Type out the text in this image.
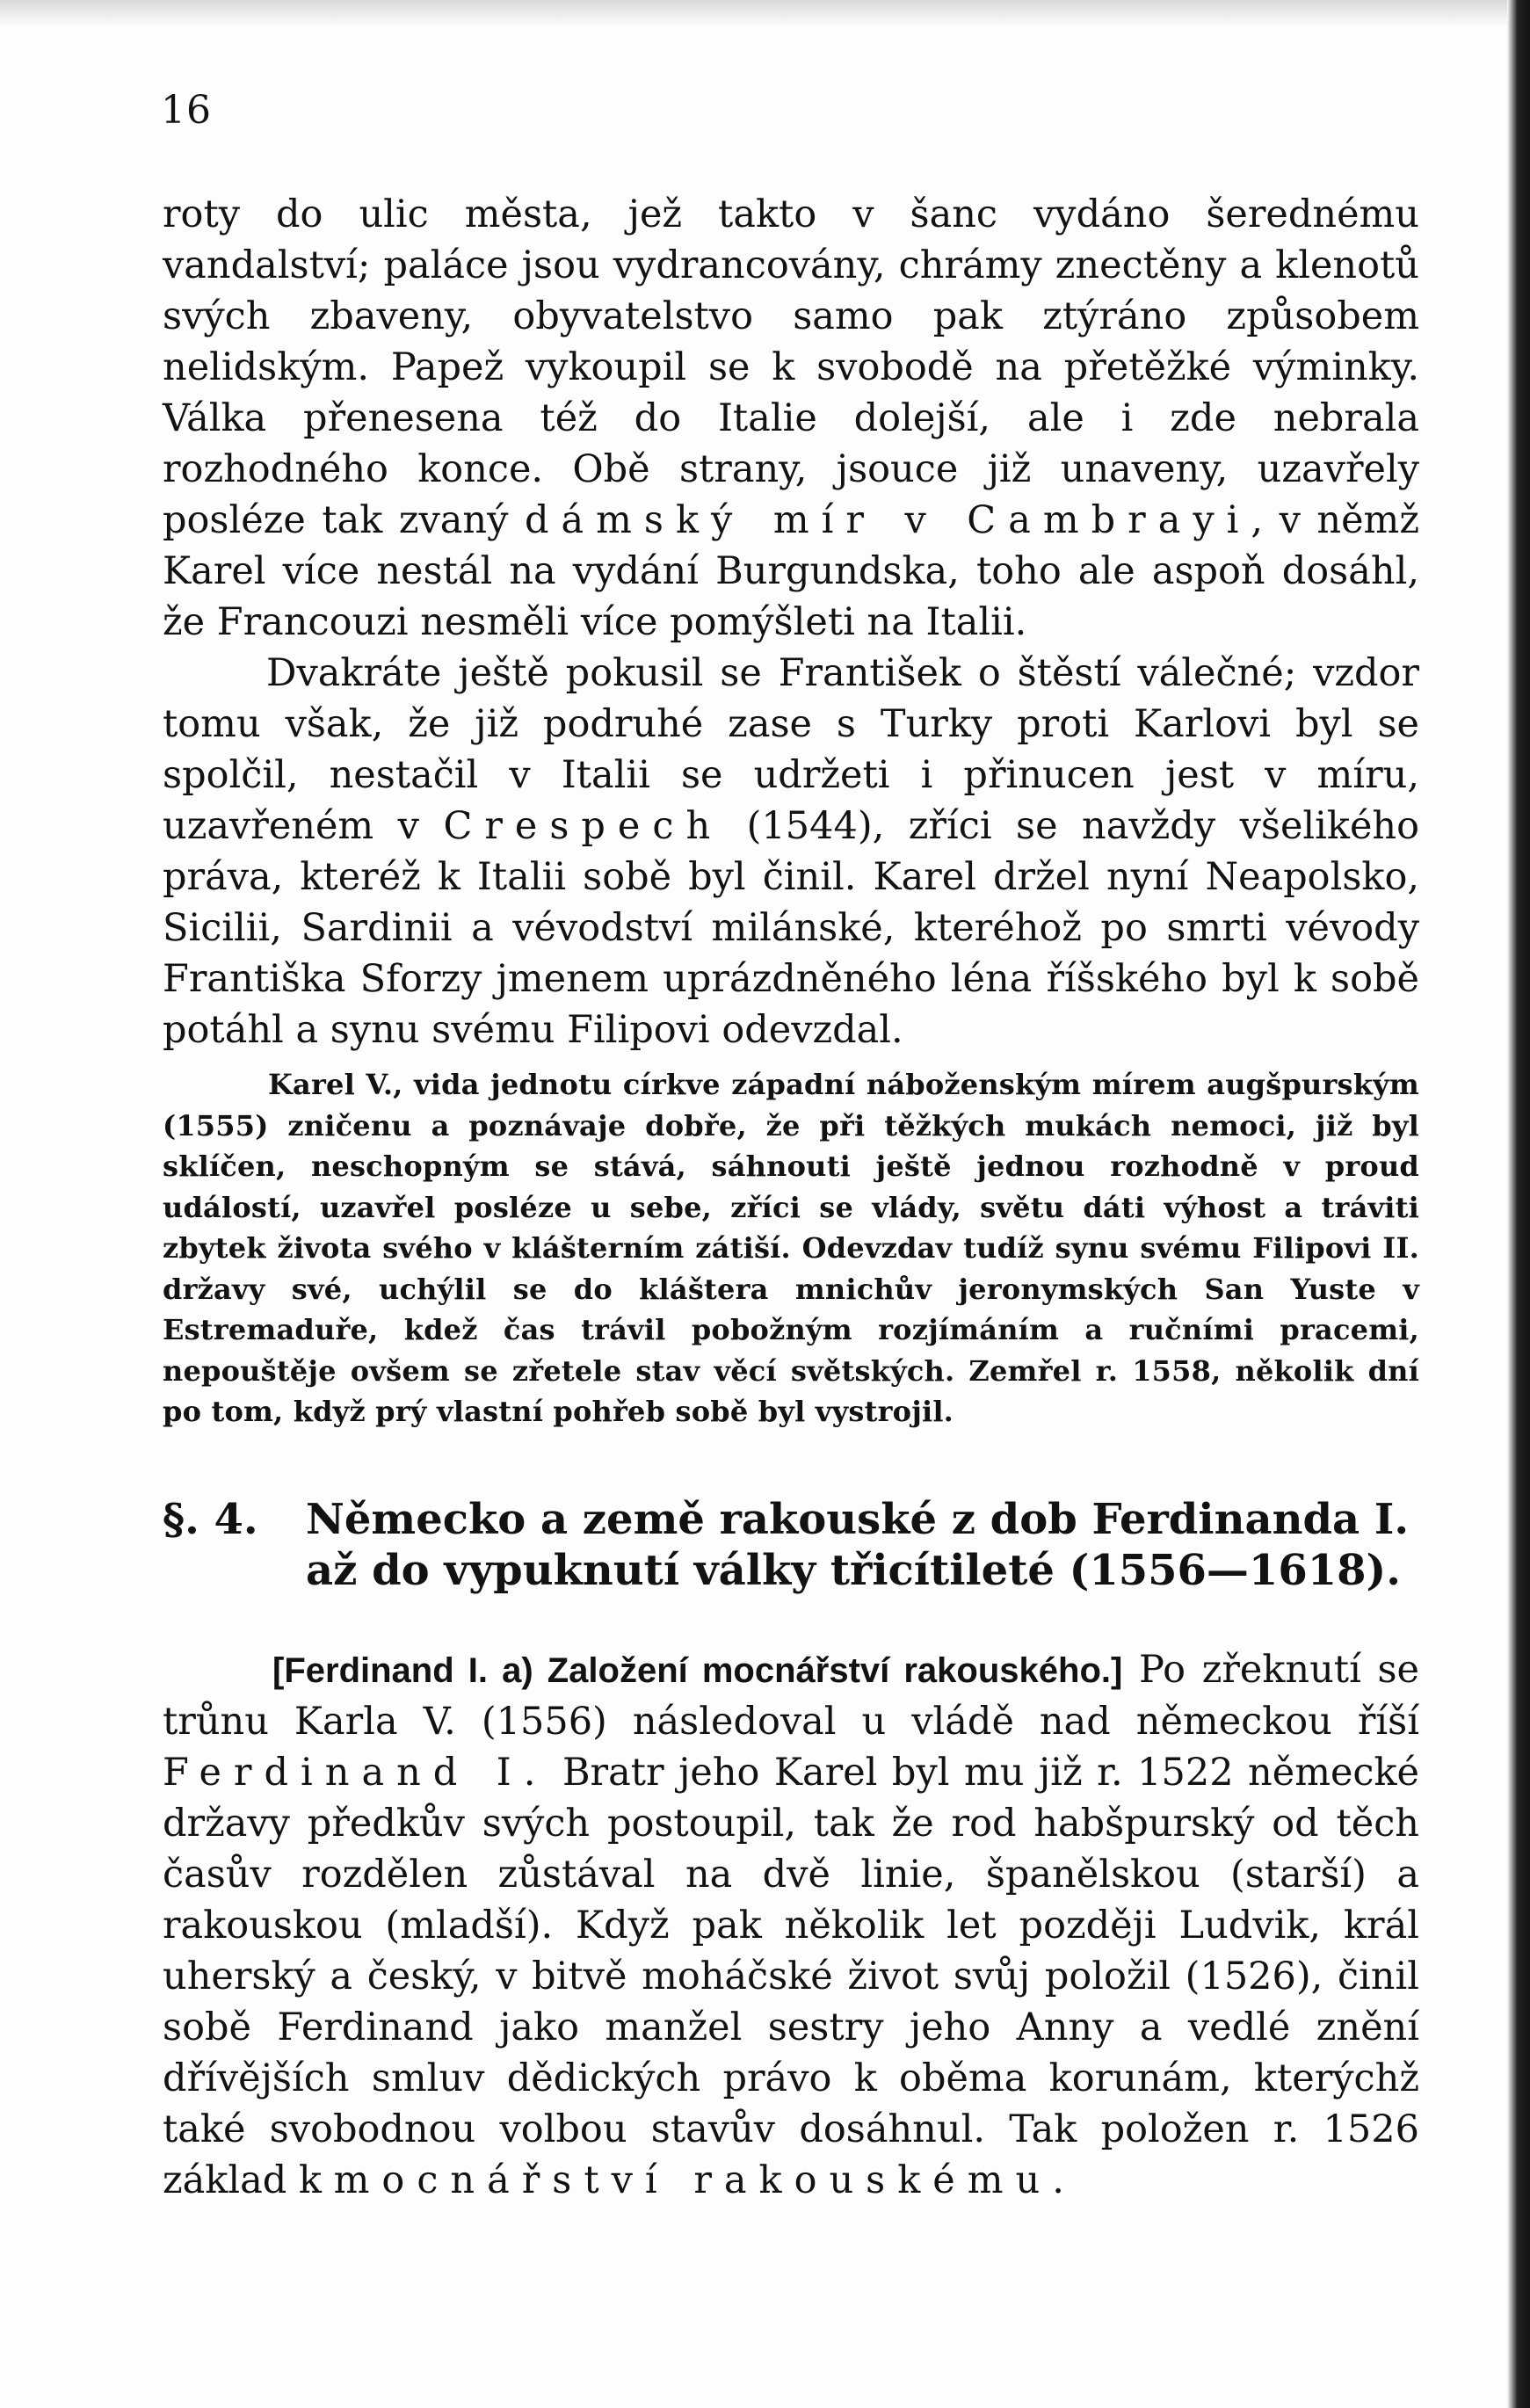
16

roty do ulic města, jež takto v šanc vydáno šerednému vandalství; paláce jsou vydrancovány, chrámy znectěny a klenotů svých zbaveny, obyvatelstvo samo pak ztýráno způsobem nelidským. Papež vykoupil se k svobodě na přetěžké výminky. Válka přenesena též do Italie dolejší, ale i zde nebrala rozhodného konce. Obě strany, jsouce již unaveny, uzavřely posléze tak zvaný dámský mír v Cambrayi, v němž Karel více nestál na vydání Burgundska, toho ale aspoň dosáhl, že Francouzi nesměli více pomýšleti na Italii.

Dvakráte ještě pokusil se František o štěstí válečné; vzdor tomu však, že již podruhé zase s Turky proti Karlovi byl se spolčil, nestačil v Italii se udržeti i přinucen jest v míru, uzavřeném v Crespech (1544), zříci se navždy všelikého práva, kteréž k Italii sobě byl činil. Karel držel nyní Neapolsko, Sicilii, Sardinii a vévodství milánské, kteréhož po smrti vévody Františka Sforzy jmenem uprázdněného léna říšského byl k sobě potáhl a synu svému Filipovi odevzdal.

Karel V., vida jednotu církve západní náboženským mírem augšpurským (1555) zničenu a poznávaje dobře, že při těžkých mukách nemoci, již byl sklíčen, neschopným se stává, sáhnouti ještě jednou rozhodně v proud událostí, uzavřel posléze u sebe, zříci se vlády, světu dáti výhost a tráviti zbytek života svého v klášterním zátiší. Odevzdav tudíž synu svému Filipovi II. državy své, uchýlil se do kláštera mnichův jeronymských San Yuste v Estremaduře, kdež čas trávil pobožným rozjímáním a ručními pracemi, nepouštěje ovšem se zřetele stav věcí světských. Zemřel r. 1558, několik dní po tom, když prý vlastní pohřeb sobě byl vystrojil.

§. 4. Německo a země rakouské z dob Ferdinanda I. až do vypuknutí války třicítileté (1556—1618).

[Ferdinand I. a) Založení mocnářství rakouského.] Po zřeknutí se trůnu Karla V. (1556) následoval u vládě nad německou říší Ferdinand I. Bratr jeho Karel byl mu již r. 1522 německé državy předkův svých postoupil, tak že rod habšpurský od těch časův rozdělen zůstával na dvě linie, španělskou (starší) a rakouskou (mladší). Když pak několik let později Ludvik, král uherský a český, v bitvě moháčské život svůj položil (1526), činil sobě Ferdinand jako manžel sestry jeho Anny a vedlé znění dřívějších smluv dědických právo k oběma korunám, kterýchž také svobodnou volbou stavův dosáhnul. Tak položen r. 1526 základ k mocnářství rakouskému.
